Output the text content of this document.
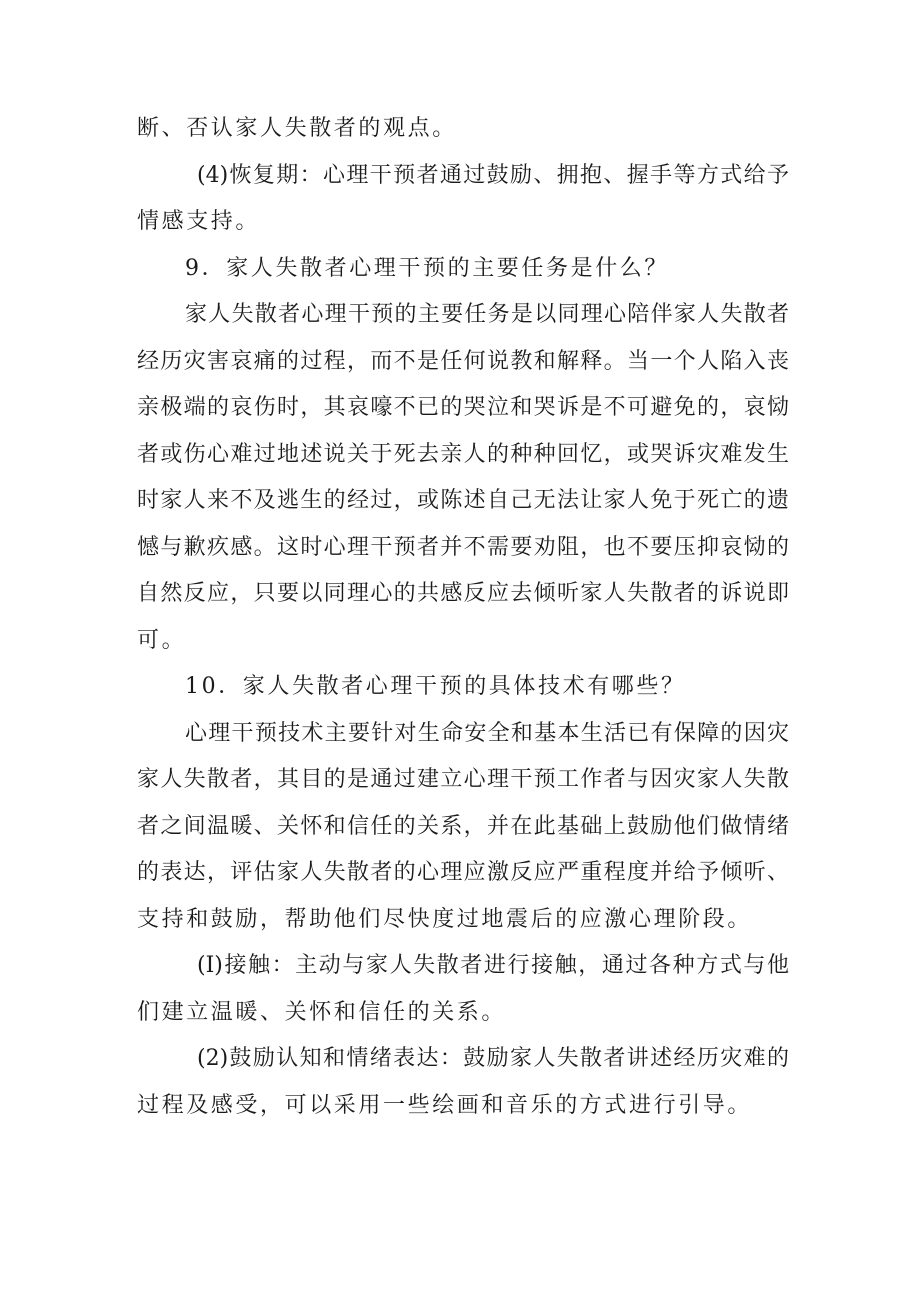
断、否认家人失散者的观点。
(4)恢复期：心理干预者通过鼓励、拥抱、握手等方式给予
情感支持。
9．家人失散者心理干预的主要任务是什么？
家人失散者心理干预的主要任务是以同理心陪伴家人失散者
经历灾害哀痛的过程，而不是任何说教和解释。当一个人陷入丧
亲极端的哀伤时，其哀嚎不已的哭泣和哭诉是不可避免的，哀恸
者或伤心难过地述说关于死去亲人的种种回忆，或哭诉灾难发生
时家人来不及逃生的经过，或陈述自己无法让家人免于死亡的遗
憾与歉疚感。这时心理干预者并不需要劝阻，也不要压抑哀恸的
自然反应，只要以同理心的共感反应去倾听家人失散者的诉说即
可。
10．家人失散者心理干预的具体技术有哪些？
心理干预技术主要针对生命安全和基本生活已有保障的因灾
家人失散者，其目的是通过建立心理干预工作者与因灾家人失散
者之间温暖、关怀和信任的关系，并在此基础上鼓励他们做情绪
的表达，评估家人失散者的心理应激反应严重程度并给予倾听、
支持和鼓励，帮助他们尽快度过地震后的应激心理阶段。
(I)接触：主动与家人失散者进行接触，通过各种方式与他
们建立温暖、关怀和信任的关系。
(2)鼓励认知和情绪表达：鼓励家人失散者讲述经历灾难的
过程及感受，可以采用一些绘画和音乐的方式进行引导。
